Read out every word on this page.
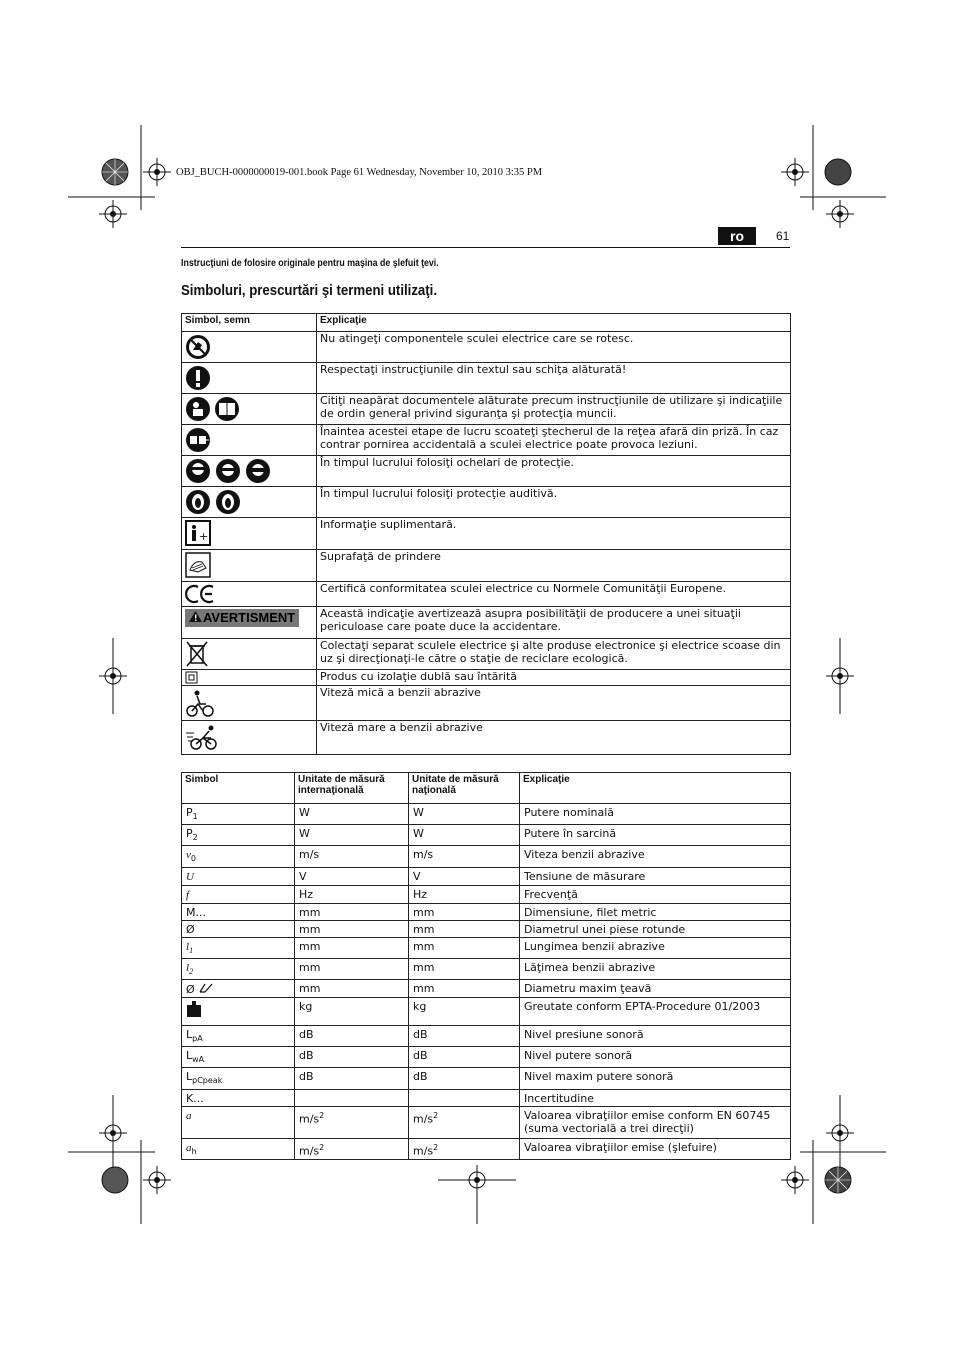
OBJ_BUCH-0000000019-001.book Page 61 Wednesday, November 10, 2010 3:35 PM
ro	61
Instrucţiuni de folosire originale pentru maşina de şlefuit ţevi.
Simboluri, prescurtări şi termeni utilizaţi.
Simbol, semn	Explicaţie
	Nu atingeţi componentele sculei electrice care se rotesc.
	Respectaţi instrucţiunile din textul sau schiţa alăturată!
	Citiţi neapărat documentele alăturate precum instrucţiunile de utilizare şi indicaţiile de ordin general privind siguranţa şi protecţia muncii.
	Înaintea acestei etape de lucru scoateţi ştecherul de la reţea afară din priză. În caz contrar pornirea accidentală a sculei electrice poate provoca leziuni.
	În timpul lucrului folosiţi ochelari de protecţie.
	În timpul lucrului folosiţi protecţie auditivă.

+	Informaţie suplimentară.
	Suprafaţă de prindere
	Certifică conformitatea sculei electrice cu Normele Comunităţii Europene.
AVERTISMENT	Această indicaţie avertizează asupra posibilităţii de producere a unei situaţii periculoase care poate duce la accidentare.
	Colectaţi separat sculele electrice şi alte produse electronice şi electrice scoase din uz şi direcţionaţi-le către o staţie de reciclare ecologică.
	Produs cu izolaţie dublă sau întărită
	Viteză mică a benzii abrazive
	Viteză mare a benzii abrazive
Simbol	Unitate de măsură internaţională	Unitate de măsură naţională	Explicaţie
$P_1$	W	W	Putere nominală
$P_2$	W	W	Putere în sarcină
$v_0$	m/s	m/s	Viteza benzii abrazive
U	V	V	Tensiune de măsurare
f	Hz	Hz	Frecvenţă
M...	mm	mm	Dimensiune, filet metric
Ø	mm	mm	Diametrul unei piese rotunde
$l_1$	mm	mm	Lungimea benzii abrazive
$l_2$	mm	mm	Lăţimea benzii abrazive
Ø	mm	mm	Diametru maxim ţeavă
	kg	kg	Greutate conform EPTA-Procedure 01/2003
$L_{pA}$	dB	dB	Nivel presiune sonoră
$L_{wA}$	dB	dB	Nivel putere sonoră
$L_{pCpeak}$	dB	dB	Nivel maxim putere sonoră
K...			Incertitudine
a	$m/s^2$	$m/s^2$	Valoarea vibraţiilor emise conform EN 60745 (suma vectorială a trei direcţii)
$a_h$	$m/s^2$	$m/s^2$	Valoarea vibraţiilor emise (şlefuire)
